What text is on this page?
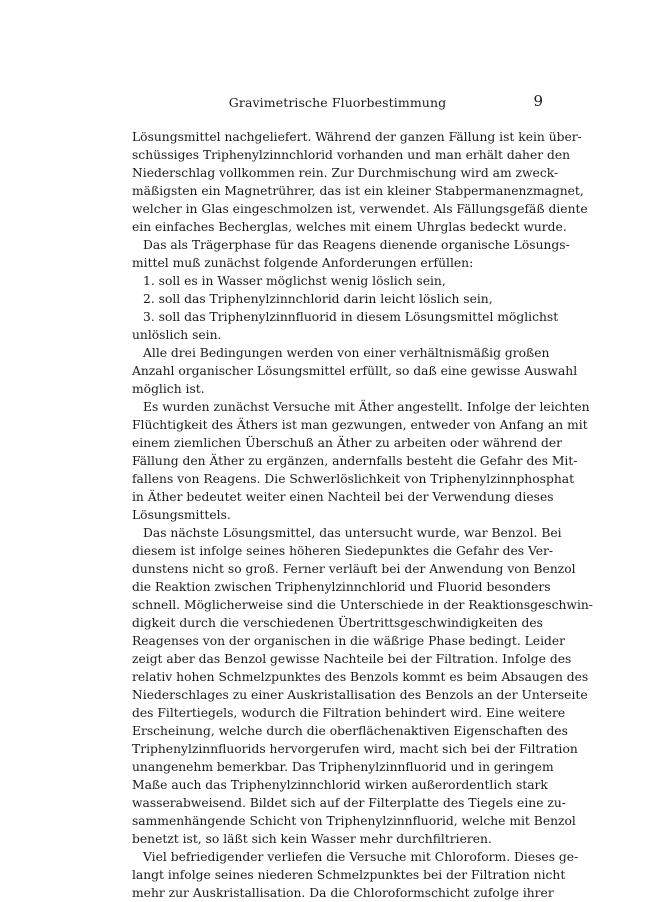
Gravimetrische Fluorbestimmung	9
Lösungsmittel nachgeliefert. Während der ganzen Fällung ist kein über-
schüssiges Triphenylzinnchlorid vorhanden und man erhält daher den
Niederschlag vollkommen rein. Zur Durchmischung wird am zweck-
mäßigsten ein Magnetrührer, das ist ein kleiner Stabpermanenzmagnet,
welcher in Glas eingeschmolzen ist, verwendet. Als Fällungsgefäß diente
ein einfaches Becherglas, welches mit einem Uhrglas bedeckt wurde.
Das als Trägerphase für das Reagens dienende organische Lösungs-
mittel muß zunächst folgende Anforderungen erfüllen:
1. soll es in Wasser möglichst wenig löslich sein,
2. soll das Triphenylzinnchlorid darin leicht löslich sein,
3. soll das Triphenylzinnfluorid in diesem Lösungsmittel möglichst
unlöslich sein.
Alle drei Bedingungen werden von einer verhältnismäßig großen
Anzahl organischer Lösungsmittel erfüllt, so daß eine gewisse Auswahl
möglich ist.
Es wurden zunächst Versuche mit Äther angestellt. Infolge der leichten
Flüchtigkeit des Äthers ist man gezwungen, entweder von Anfang an mit
einem ziemlichen Überschuß an Äther zu arbeiten oder während der
Fällung den Äther zu ergänzen, andernfalls besteht die Gefahr des Mit-
fallens von Reagens. Die Schwerlöslichkeit von Triphenylzinnphosphat
in Äther bedeutet weiter einen Nachteil bei der Verwendung dieses
Lösungsmittels.
Das nächste Lösungsmittel, das untersucht wurde, war Benzol. Bei
diesem ist infolge seines höheren Siedepunktes die Gefahr des Ver-
dunstens nicht so groß. Ferner verläuft bei der Anwendung von Benzol
die Reaktion zwischen Triphenylzinnchlorid und Fluorid besonders
schnell. Möglicherweise sind die Unterschiede in der Reaktionsgeschwin-
digkeit durch die verschiedenen Übertrittsgeschwindigkeiten des
Reagenses von der organischen in die wäßrige Phase bedingt. Leider
zeigt aber das Benzol gewisse Nachteile bei der Filtration. Infolge des
relativ hohen Schmelzpunktes des Benzols kommt es beim Absaugen des
Niederschlages zu einer Auskristallisation des Benzols an der Unterseite
des Filtertiegels, wodurch die Filtration behindert wird. Eine weitere
Erscheinung, welche durch die oberflächenaktiven Eigenschaften des
Triphenylzinnfluorids hervorgerufen wird, macht sich bei der Filtration
unangenehm bemerkbar. Das Triphenylzinnfluorid und in geringem
Maße auch das Triphenylzinnchlorid wirken außerordentlich stark
wasserabweisend. Bildet sich auf der Filterplatte des Tiegels eine zu-
sammenhängende Schicht von Triphenylzinnfluorid, welche mit Benzol
benetzt ist, so läßt sich kein Wasser mehr durchfiltrieren.
Viel befriedigender verliefen die Versuche mit Chloroform. Dieses ge-
langt infolge seines niederen Schmelzpunktes bei der Filtration nicht
mehr zur Auskristallisation. Da die Chloroformschicht zufolge ihrer
